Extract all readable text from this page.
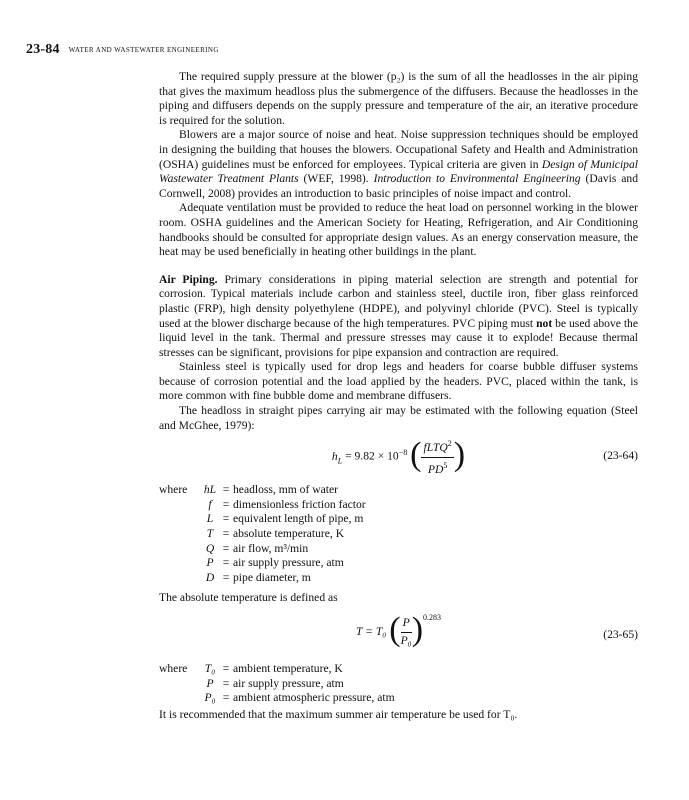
23-84 WATER AND WASTEWATER ENGINEERING

The required supply pressure at the blower (p₂) is the sum of all the headlosses in the air piping that gives the maximum headloss plus the submergence of the diffusers. Because the headlosses in the piping and diffusers depends on the supply pressure and temperature of the air, an iterative procedure is required for the solution.

Blowers are a major source of noise and heat. Noise suppression techniques should be employed in designing the building that houses the blowers. Occupational Safety and Health and Administration (OSHA) guidelines must be enforced for employees. Typical criteria are given in Design of Municipal Wastewater Treatment Plants (WEF, 1998). Introduction to Environmental Engineering (Davis and Cornwell, 2008) provides an introduction to basic principles of noise impact and control.

Adequate ventilation must be provided to reduce the heat load on personnel working in the blower room. OSHA guidelines and the American Society for Heating, Refrigeration, and Air Conditioning handbooks should be consulted for appropriate design values. As an energy conservation measure, the heat may be used beneficially in heating other buildings in the plant.

Air Piping. Primary considerations in piping material selection are strength and potential for corrosion. Typical materials include carbon and stainless steel, ductile iron, fiber glass reinforced plastic (FRP), high density polyethylene (HDPE), and polyvinyl chloride (PVC). Steel is typically used at the blower discharge because of the high temperatures. PVC piping must not be used above the liquid level in the tank. Thermal and pressure stresses may cause it to explode! Because thermal stresses can be significant, provisions for pipe expansion and contraction are required.

Stainless steel is typically used for drop legs and headers for coarse bubble diffuser systems because of corrosion potential and the load applied by the headers. PVC, placed within the tank, is more common with fine bubble dome and membrane diffusers.

The headloss in straight pipes carrying air may be estimated with the following equation (Steel and McGhee, 1979):

$h_L = 9.82 \times 10^{-8}$ ( $\frac{fLTQ^2}{PD^5}$ )	(23-64)
where	hL	=	headloss, mm of water
	f	=	dimensionless friction factor
	L	=	equivalent length of pipe, m
	T	=	absolute temperature, K
	Q	=	air flow, m³/min
	P	=	air supply pressure, atm
	D	=	pipe diameter, m

The absolute temperature is defined as

T = T₀ ( $\frac{P}{\text{P₀}} )^{0.283}$
(23-65)
where	T₀	=	ambient temperature, K
	P	=	air supply pressure, atm
	P₀	=	ambient atmospheric pressure, atm

It is recommended that the maximum summer air temperature be used for T₀.
